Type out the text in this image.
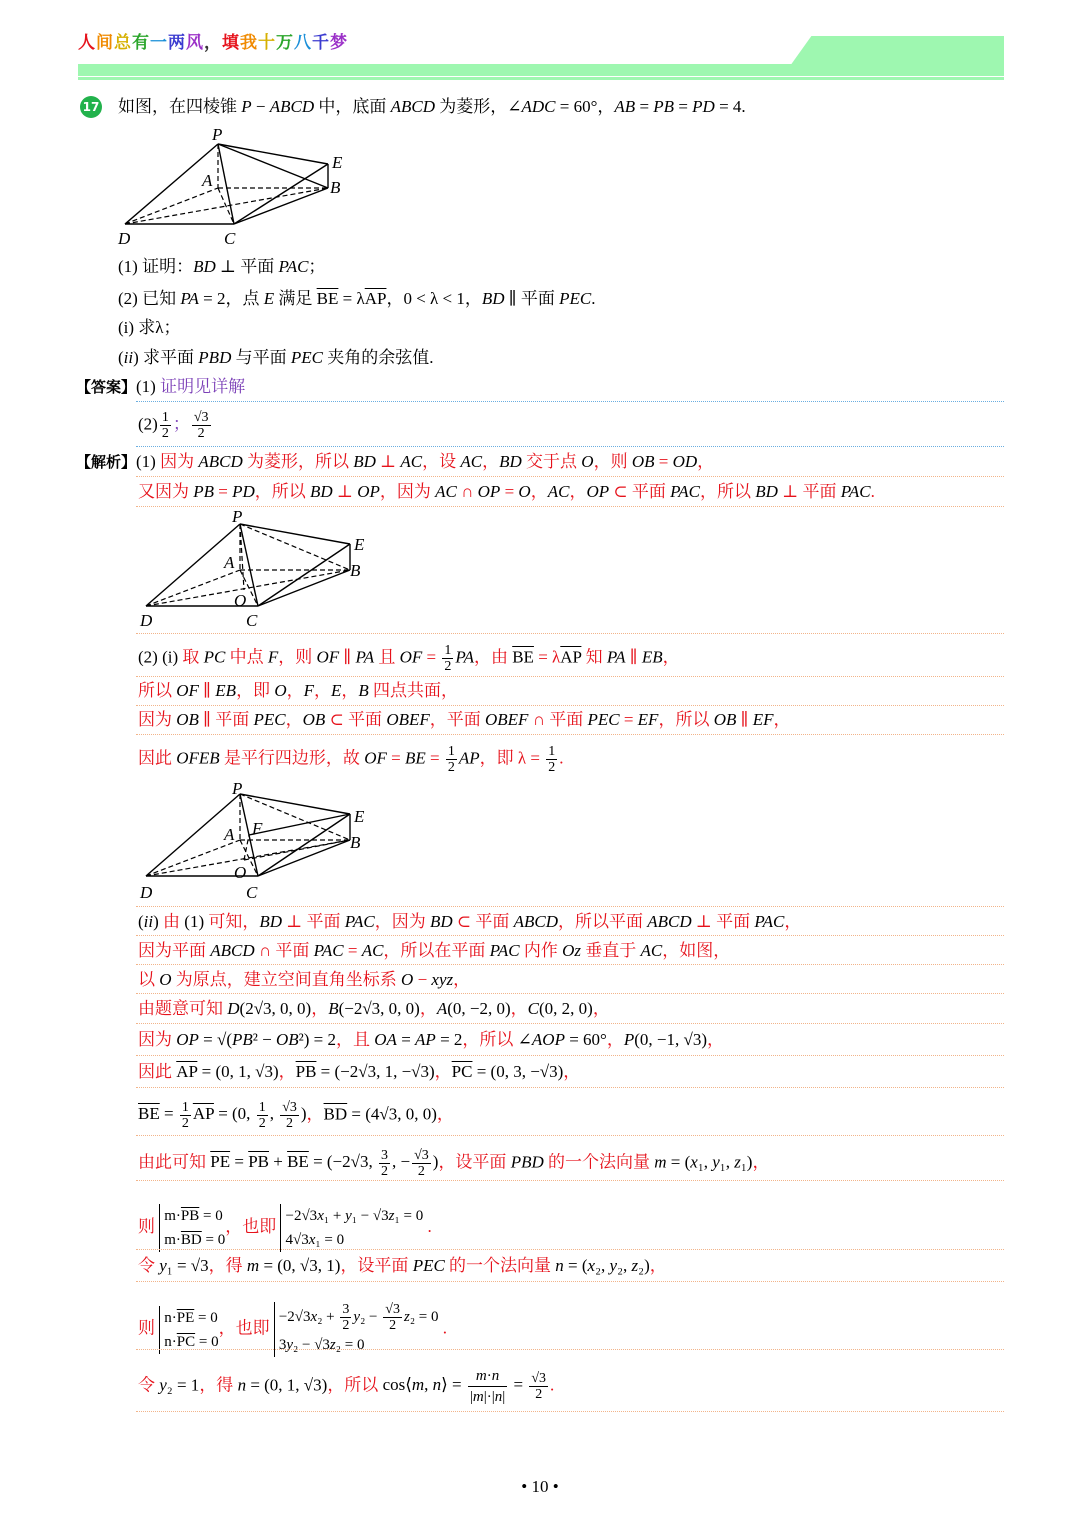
人间总有一两风，填我十万八千梦
17 如图，在四棱锥 P − ABCD 中，底面 ABCD 为菱形，∠ADC = 60°，AB = PB = PD = 4.
P
E
A	B
D	C
(1) 证明：BD ⊥ 平面 PAC；
(2) 已知 PA = 2，点 E 满足 $\overline{BE} = \lambda\overline{AP}$，0 < λ < 1，BD ∥ 平面 PEC.
(i) 求λ；
(ii) 求平面 PBD 与平面 PEC 夹角的余弦值.
【答案】(1) 证明见详解
$(2) \frac{1}{2}$ ； $\frac{√3}{2}$
【解析】(1) 因为 ABCD 为菱形，所以 BD ⊥ AC，设 AC，BD 交于点 O，则 OB = OD，
又因为 PB = PD，所以 BD ⊥ OP，因为 AC ∩ OP = O，AC，OP ⊂ 平面 PAC，所以 BD ⊥ 平面 PAC.
P
E
A	B
O
D	C
(2) (i) 取 PC 中点 F，则 OF ∥ PA 且 OF = $\frac{1}{2}$ PA，由 $\overline{BE} = \lambda\overline{AP}$ 知 PA ∥ EB，
所以 OF ∥ EB，即 O，F，E，B 四点共面，
因为 OB ∥ 平面 PEC，OB ⊂ 平面 OBEF，平面 OBEF ∩ 平面 PEC = EF，所以 OB ∥ EF，
因此 OFEB 是平行四边形，故 OF = BE = $\frac{1}{2}$ AP，即 $\lambda = \frac{1}{2}$ .
P
E
A F
B
O
D	C
(ii) 由 (1) 可知，BD ⊥ 平面 PAC，因为 BD ⊂ 平面 ABCD，所以平面 ABCD ⊥ 平面 PAC，
因为平面 ABCD ∩ 平面 PAC = AC，所以在平面 PAC 内作 Oz 垂直于 AC，如图，
以 O 为原点，建立空间直角坐标系 O − xyz，
由题意可知 D(2√3, 0, 0)，B(−2√3, 0, 0)，A(0, −2, 0)，C(0, 2, 0)，
因为 OP = √(PB² − OB²) = 2，且 OA = AP = 2，所以 ∠AOP = 60°，P(0, −1, √3)，
因此 $\overline{AP} = (0$, 1, √3)，$\overline{PB} = (-2√3$, 1, −√3)，$\overline{PC} = (0$, 3, −√3)，
$\overline{BE} = \frac{1}{2} \overline{AP} = (0$, $\frac{1}{2}$ , $\frac{√3}{2}$ )，$\overline{BD} = (4√3$, 0, 0)，
由此可知 $\overline{PE} = \overline{PB} + \overline{BE} = (-2√3$, $\frac{3}{2}$ , − $\frac{√3}{2}$ )，设平面 PBD 的一个法向量 m = (x₁, y₁, z₁)，
则 $m\cdot\overline{PB} = 0$
$m\cdot\overline{BD} = 0$，也即 −2√3x₁ + y₁ − √3z₁ = 0
4√3x₁ = 0 .
令 y₁ = √3，得 m = (0, √3, 1)，设平面 PEC 的一个法向量 n = (x₂, y₂, z₂)，
则 $n\cdot\overline{PE} = 0$
$n\cdot\overline{PC} = 0$，也即 $-2√3x_2 + \frac{3}{2} y_2 - \frac{√3}{2} z_2 = 0$
3y₂ − √3z₂ = 0 .
令 y₂ = 1，得 n = (0, 1, √3)，所以 cos⟨m, n⟩ = $\frac{m\cdot n}{|m|\cdot|n|} = \frac{√3}{2}$ .
• 10 •
